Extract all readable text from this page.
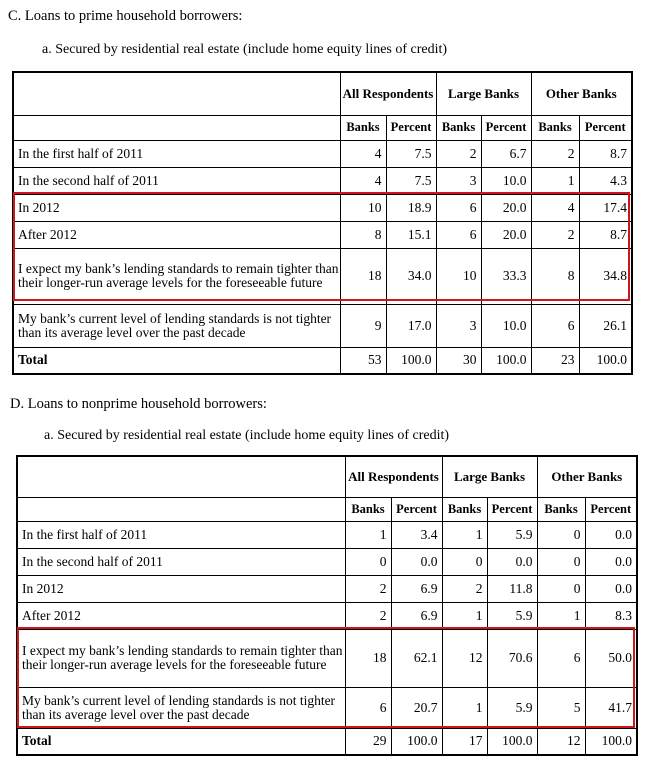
C. Loans to prime household borrowers:
a. Secured by residential real estate (include home equity lines of credit)
	All Respondents		Large Banks		Other Banks	
	Banks	Percent	Banks	Percent	Banks	Percent
In the first half of 2011	4	7.5	2	6.7	2	8.7
In the second half of 2011	4	7.5	3	10.0	1	4.3
In 2012	10	18.9	6	20.0	4	17.4
After 2012	8	15.1	6	20.0	2	8.7
I expect my bank’s lending standards to remain tighter than their longer-run average levels for the foreseeable future	18	34.0	10	33.3	8	34.8
My bank’s current level of lending standards is not tighter than its average level over the past decade	9	17.0	3	10.0	6	26.1
Total	53	100.0	30	100.0	23	100.0
D. Loans to nonprime household borrowers:
a. Secured by residential real estate (include home equity lines of credit)
	All Respondents		Large Banks		Other Banks	
	Banks	Percent	Banks	Percent	Banks	Percent
In the first half of 2011	1	3.4	1	5.9	0	0.0
In the second half of 2011	0	0.0	0	0.0	0	0.0
In 2012	2	6.9	2	11.8	0	0.0
After 2012	2	6.9	1	5.9	1	8.3
I expect my bank’s lending standards to remain tighter than their longer-run average levels for the foreseeable future	18	62.1	12	70.6	6	50.0
My bank’s current level of lending standards is not tighter than its average level over the past decade	6	20.7	1	5.9	5	41.7
Total	29	100.0	17	100.0	12	100.0
